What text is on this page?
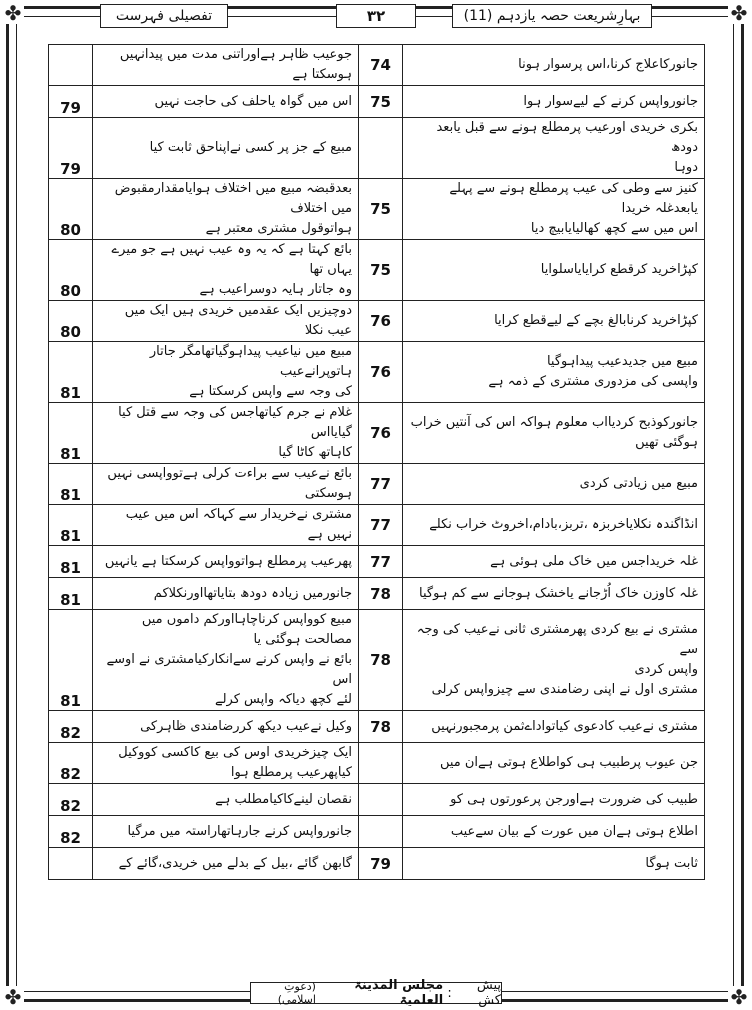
✤	✤
✤	✤
بہارِشریعت حصہ یازدہم (11)
۳۲
تفصیلی فہرست

	جوعیب ظاہر ہےاوراتنی مدت میں پیدانہیں ہوسکتا ہے	74	جانورکاعلاج کرنا،اس پرسوار ہونا

79	اس میں گواہ یاحلف کی حاجت نہیں	75	جانورواپس کرنے کے لیےسوار ہوا

79	مبیع کے جز پر کسی نےاپناحق ثابت کیا		بکری خریدی اورعیب پرمطلع ہونے سے قبل یابعد دودھ
دوہا

80	بعدقبضہ مبیع میں اختلاف ہوایامقدارمقبوض میں اختلاف
ہواتوقول مشتری معتبر ہے	75	کنیز سے وطی کی عیب پرمطلع ہونے سے پہلے یابعدغلہ خریدا
اس میں سے کچھ کھالیایابیچ دیا

80	بائع کہتا ہے کہ یہ وہ عیب نہیں ہے جو میرے یہاں تھا
وہ جاتار ہایہ دوسراعیب ہے	75	کپڑاخرید کرقطع کرایایاسلوایا

80	دوچیزیں ایک عقدمیں خریدی ہیں ایک میں عیب نکلا	76	کپڑاخرید کرنابالغ بچے کے لیےقطع کرایا

81	مبیع میں نیاعیب پیداہوگیاتھامگر جاتار ہاتوپرانےعیب
کی وجہ سے واپس کرسکتا ہے	76	مبیع میں جدیدعیب پیداہوگیا
واپسی کی مزدوری مشتری کے ذمہ ہے

81	غلام نے جرم کیاتھاجس کی وجہ سے قتل کیا گیایااس
کاہاتھ کاٹا گیا	76	جانورکوذبح کردیااب معلوم ہواکہ اس کی آنتیں خراب
ہوگئی تھیں

81	بائع نےعیب سے براءت کرلی ہےتوواپسی نہیں ہوسکتی	77	مبیع میں زیادتی کردی

81	مشتری نےخریدار سے کہاکہ اس میں عیب نہیں ہے	77	انڈاگندہ نکلایاخربزہ ،تربز،بادام،اخروٹ خراب نکلے

81	پھرعیب پرمطلع ہواتوواپس کرسکتا ہے یانہیں	77	غلہ خریداجس میں خاک ملی ہوئی ہے

81	جانورمیں زیادہ دودھ بتایاتھااورنکلاکم	78	غلہ کاوزن خاک اُڑجانے یاخشک ہوجانے سے کم ہوگیا

81	مبیع کوواپس کرناچاہااورکم داموں میں مصالحت ہوگئی یا
بائع نے واپس کرنے سےانکارکیامشتری نے اوسے اس
لئے کچھ دیاکہ واپس کرلے	78	مشتری نے بیع کردی پھرمشتری ثانی نےعیب کی وجہ سے
واپس کردی
مشتری اول نے اپنی رضامندی سے چیزواپس کرلی

82	وکیل نےعیب دیکھ کررضامندی ظاہرکی	78	مشتری نےعیب کادعوی کیاتواداےثمن پرمجبورنہیں

82	ایک چیزخریدی اوس کی بیع کاکسی کووکیل کیاپھرعیب پرمطلع ہوا		جن عیوب پرطبیب ہی کواطلاع ہوتی ہےان میں

82	نقصان لینےکاکیامطلب ہے		طبیب کی ضرورت ہےاورجن پرعورتوں ہی کو

82	جانورواپس کرنے جارہاتھاراستہ میں مرگیا		اطلاع ہوتی ہےان میں عورت کے بیان سےعیب

	گابھن گائے ،بیل کے بدلے میں خریدی،گائے کے	79	ثابت ہوگا
پیش کش
:
مجلس المدینۃ العلمیۃ
(دعوتِ اسلامی)
